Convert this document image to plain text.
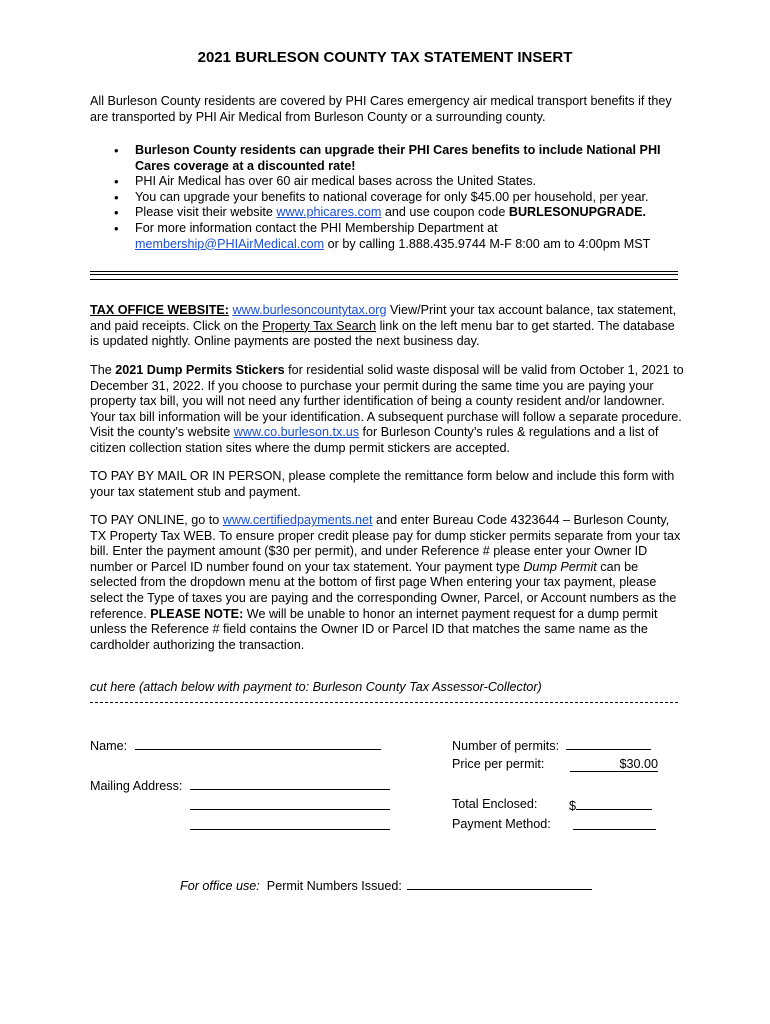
2021 BURLESON COUNTY TAX STATEMENT INSERT

All Burleson County residents are covered by PHI Cares emergency air medical transport benefits if they are transported by PHI Air Medical from Burleson County or a surrounding county.

• Burleson County residents can upgrade their PHI Cares benefits to include National PHI Cares coverage at a discounted rate!
• PHI Air Medical has over 60 air medical bases across the United States.
• You can upgrade your benefits to national coverage for only $45.00 per household, per year.
• Please visit their website www.phicares.com and use coupon code BURLESONUPGRADE.
• For more information contact the PHI Membership Department at membership@PHIAirMedical.com or by calling 1.888.435.9744 M-F 8:00 am to 4:00pm MST

TAX OFFICE WEBSITE: www.burlesoncountytax.org View/Print your tax account balance, tax statement, and paid receipts. Click on the Property Tax Search link on the left menu bar to get started. The database is updated nightly. Online payments are posted the next business day.

The 2021 Dump Permits Stickers for residential solid waste disposal will be valid from October 1, 2021 to December 31, 2022. If you choose to purchase your permit during the same time you are paying your property tax bill, you will not need any further identification of being a county resident and/or landowner. Your tax bill information will be your identification. A subsequent purchase will follow a separate procedure. Visit the county’s website www.co.burleson.tx.us for Burleson County’s rules & regulations and a list of citizen collection station sites where the dump permit stickers are accepted.

TO PAY BY MAIL OR IN PERSON, please complete the remittance form below and include this form with your tax statement stub and payment.

TO PAY ONLINE, go to www.certifiedpayments.net and enter Bureau Code 4323644 – Burleson County, TX Property Tax WEB. To ensure proper credit please pay for dump sticker permits separate from your tax bill. Enter the payment amount ($30 per permit), and under Reference # please enter your Owner ID number or Parcel ID number found on your tax statement. Your payment type Dump Permit can be selected from the dropdown menu at the bottom of first page When entering your tax payment, please select the Type of taxes you are paying and the corresponding Owner, Parcel, or Account numbers as the reference. PLEASE NOTE: We will be unable to honor an internet payment request for a dump permit unless the Reference # field contains the Owner ID or Parcel ID that matches the same name as the cardholder authorizing the transaction.

cut here (attach below with payment to: Burleson County Tax Assessor-Collector)
Name:
Mailing Address:
Number of permits:
Price per permit:	$30.00
Total Enclosed:	$
Payment Method:
For office use: Permit Numbers Issued:
